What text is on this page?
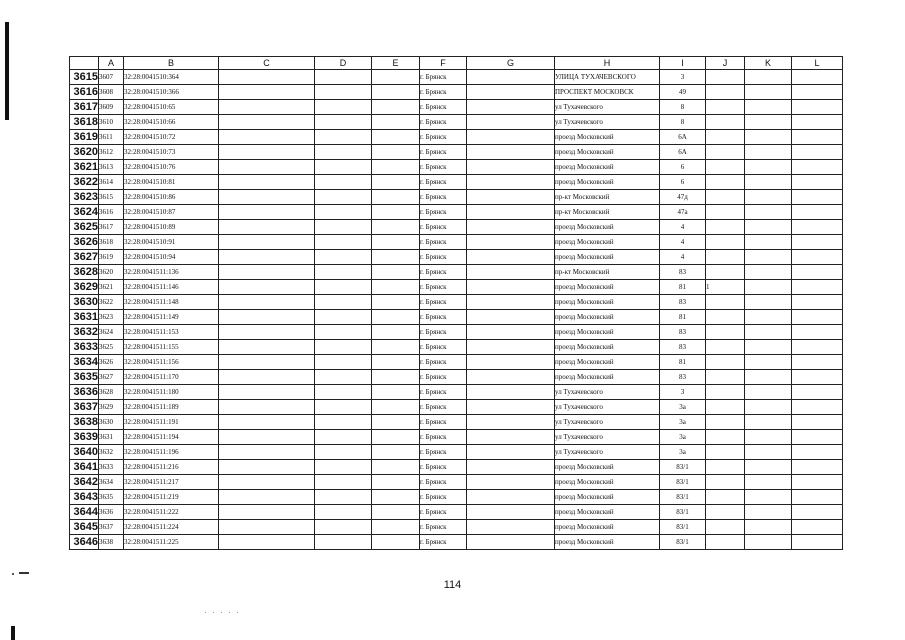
	A	B	C	D	E	F	G	H	I	J	K	L
3615	3607	32:28:0041510:364				г. Брянск		УЛИЦА ТУХАЧЕВСКОГО	3			
3616	3608	32:28:0041510:366				г. Брянск		ПРОСПЕКТ МОСКОВСК	49			
3617	3609	32:28:0041510:65				г. Брянск		ул Тухачевского	8			
3618	3610	32:28:0041510:66				г. Брянск		ул Тухачевского	8			
3619	3611	32:28:0041510:72				г. Брянск		проезд Московский	6А			
3620	3612	32:28:0041510:73				г. Брянск		проезд Московский	6А			
3621	3613	32:28:0041510:76				г. Брянск		проезд Московский	6			
3622	3614	32:28:0041510:81				г. Брянск		проезд Московский	6			
3623	3615	32:28:0041510:86				г. Брянск		пр-кт Московский	47д			
3624	3616	32:28:0041510:87				г. Брянск		пр-кт Московский	47а			
3625	3617	32:28:0041510:89				г. Брянск		проезд Московский	4			
3626	3618	32:28:0041510:91				г. Брянск		проезд Московский	4			
3627	3619	32:28:0041510:94				г. Брянск		проезд Московский	4			
3628	3620	32:28:0041511:136				г. Брянск		пр-кт Московский	83			
3629	3621	32:28:0041511:146				г. Брянск		проезд Московский	81	1		
3630	3622	32:28:0041511:148				г. Брянск		проезд Московский	83			
3631	3623	32:28:0041511:149				г. Брянск		проезд Московский	81			
3632	3624	32:28:0041511:153				г. Брянск		проезд Московский	83			
3633	3625	32:28:0041511:155				г. Брянск		проезд Московский	83			
3634	3626	32:28:0041511:156				г. Брянск		проезд Московский	81			
3635	3627	32:28:0041511:170				г. Брянск		проезд Московский	83			
3636	3628	32:28:0041511:180				г. Брянск		ул Тухачевского	3			
3637	3629	32:28:0041511:189				г. Брянск		ул Тухачевского	3а			
3638	3630	32:28:0041511:191				г. Брянск		ул Тухачевского	3а			
3639	3631	32:28:0041511:194				г. Брянск		ул Тухачевского	3а			
3640	3632	32:28:0041511:196				г. Брянск		ул Тухачевского	3а			
3641	3633	32:28:0041511:216				г. Брянск		проезд Московский	83/1			
3642	3634	32:28:0041511:217				г. Брянск		проезд Московский	83/1			
3643	3635	32:28:0041511:219				г. Брянск		проезд Московский	83/1			
3644	3636	32:28:0041511:222				г. Брянск		проезд Московский	83/1			
3645	3637	32:28:0041511:224				г. Брянск		проезд Московский	83/1			
3646	3638	32:28:0041511:225				г. Брянск		проезд Московский	83/1			
114
